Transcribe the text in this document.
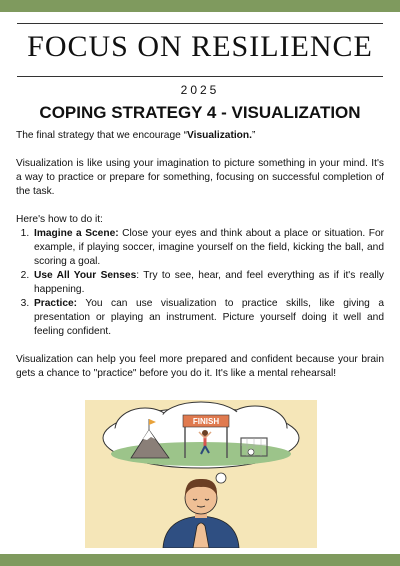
FOCUS ON RESILIENCE
2025
COPING STRATEGY 4 - VISUALIZATION

The final strategy that we encourage “Visualization.”

Visualization is like using your imagination to picture something in your mind. It's a way to practice or prepare for something, focusing on successful completion of the task.

Here's how to do it:
1. Imagine a Scene: Close your eyes and think about a place or situation. For example, if playing soccer, imagine yourself on the field, kicking the ball, and scoring a goal.
2. Use All Your Senses: Try to see, hear, and feel everything as if it's really happening.
3. Practice: You can use visualization to practice skills, like giving a presentation or playing an instrument. Picture yourself doing it well and feeling confident.

Visualization can help you feel more prepared and confident because your brain gets a chance to "practice" before you do it. It's like a mental rehearsal!

FINISH
